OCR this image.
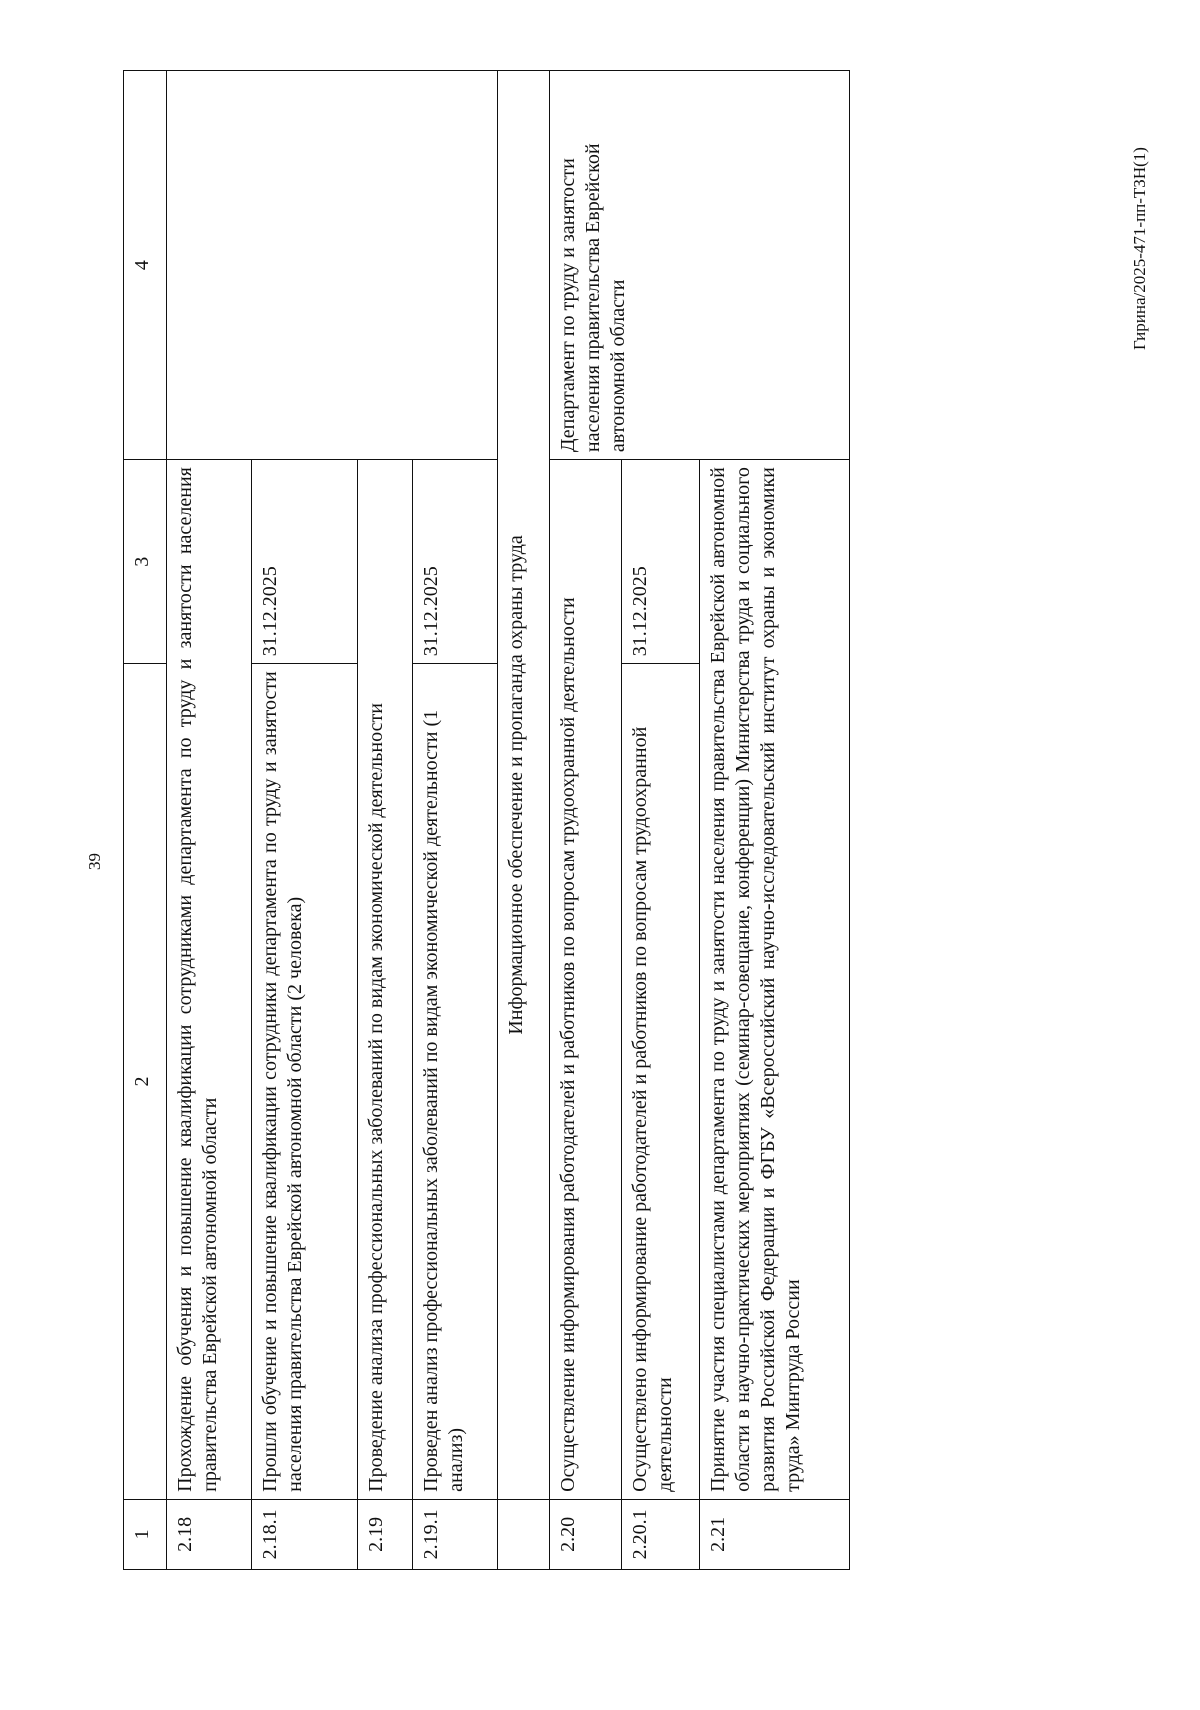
39
1	2	3	4
2.18	Прохождение обучения и повышение квалификации сотрудниками департамента по труду и занятости населения правительства Еврейской автономной области		
2.18.1	Прошли обучение и повышение квалификации сотрудники департамента по труду и занятости населения правительства Еврейской автономной области (2 человека)	31.12.2025	
2.19	Проведение анализа профессиональных заболеваний по видам экономической деятельности		
2.19.1	Проведен анализ профессиональных заболеваний по видам экономической деятельности (1 анализ)	31.12.2025	
	Информационное обеспечение и пропаганда охраны труда		
2.20	Осуществление информирования работодателей и работников по вопросам трудоохранной деятельности		Департамент по труду и занятости населения правительства Еврейской автономной области
2.20.1	Осуществлено информирование работодателей и работников по вопросам трудоохранной деятельности	31.12.2025	
2.21	Принятие участия специалистами департамента по труду и занятости населения правительства Еврейской автономной области в научно-практических мероприятиях (семинар-совещание, конференции) Министерства труда и социального развития Российской Федерации и ФГБУ «Всероссийский научно-исследовательский институт охраны и экономики труда» Минтруда России		
Гирина/2025-471-пп-ТЗН(1)
